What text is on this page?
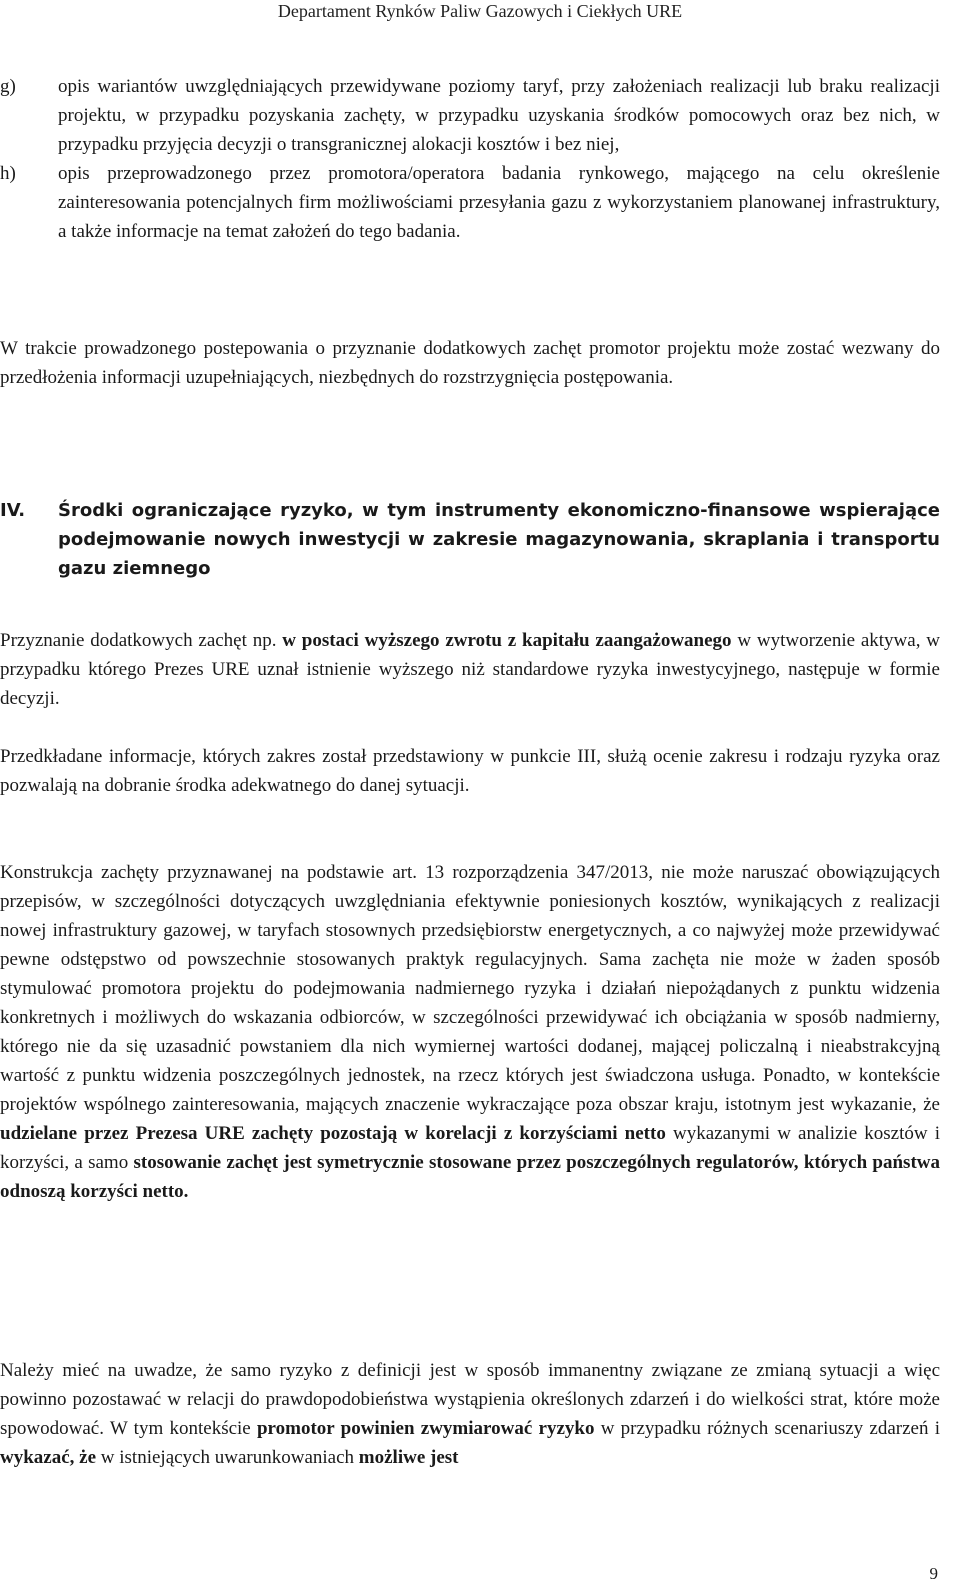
Departament Rynków Paliw Gazowych i Ciekłych URE
g)	opis wariantów uwzględniających przewidywane poziomy taryf, przy założeniach realizacji lub braku realizacji projektu, w przypadku pozyskania zachęty, w przypadku uzyskania środków pomocowych oraz bez nich, w przypadku przyjęcia decyzji o transgranicznej alokacji kosztów i bez niej,
h)	opis przeprowadzonego przez promotora/operatora badania rynkowego, mającego na celu określenie zainteresowania potencjalnych firm możliwościami przesyłania gazu z wykorzystaniem planowanej infrastruktury, a także informacje na temat założeń do tego badania.

W trakcie prowadzonego postepowania o przyznanie dodatkowych zachęt promotor projektu może zostać wezwany do przedłożenia informacji uzupełniających, niezbędnych do rozstrzygnięcia postępowania.

IV.	Środki ograniczające ryzyko, w tym instrumenty ekonomiczno-finansowe wspierające podejmowanie nowych inwestycji w zakresie magazynowania, skraplania i transportu gazu ziemnego

Przyznanie dodatkowych zachęt np. w postaci wyższego zwrotu z kapitału zaangażowanego w wytworzenie aktywa, w przypadku którego Prezes URE uznał istnienie wyższego niż standardowe ryzyka inwestycyjnego, następuje w formie decyzji.

Przedkładane informacje, których zakres został przedstawiony w punkcie III, służą ocenie zakresu i rodzaju ryzyka oraz pozwalają na dobranie środka adekwatnego do danej sytuacji.

Konstrukcja zachęty przyznawanej na podstawie art. 13 rozporządzenia 347/2013, nie może naruszać obowiązujących przepisów, w szczególności dotyczących uwzględniania efektywnie poniesionych kosztów, wynikających z realizacji nowej infrastruktury gazowej, w taryfach stosownych przedsiębiorstw energetycznych, a co najwyżej może przewidywać pewne odstępstwo od powszechnie stosowanych praktyk regulacyjnych. Sama zachęta nie może w żaden sposób stymulować promotora projektu do podejmowania nadmiernego ryzyka i działań niepożądanych z punktu widzenia konkretnych i możliwych do wskazania odbiorców, w szczególności przewidywać ich obciążania w sposób nadmierny, którego nie da się uzasadnić powstaniem dla nich wymiernej wartości dodanej, mającej policzalną i nieabstrakcyjną wartość z punktu widzenia poszczególnych jednostek, na rzecz których jest świadczona usługa. Ponadto, w kontekście projektów wspólnego zainteresowania, mających znaczenie wykraczające poza obszar kraju, istotnym jest wykazanie, że udzielane przez Prezesa URE zachęty pozostają w korelacji z korzyściami netto wykazanymi w analizie kosztów i korzyści, a samo stosowanie zachęt jest symetrycznie stosowane przez poszczególnych regulatorów, których państwa odnoszą korzyści netto.

Należy mieć na uwadze, że samo ryzyko z definicji jest w sposób immanentny związane ze zmianą sytuacji a więc powinno pozostawać w relacji do prawdopodobieństwa wystąpienia określonych zdarzeń i do wielkości strat, które może spowodować. W tym kontekście promotor powinien zwymiarować ryzyko w przypadku różnych scenariuszy zdarzeń i wykazać, że w istniejących uwarunkowaniach możliwe jest

9
